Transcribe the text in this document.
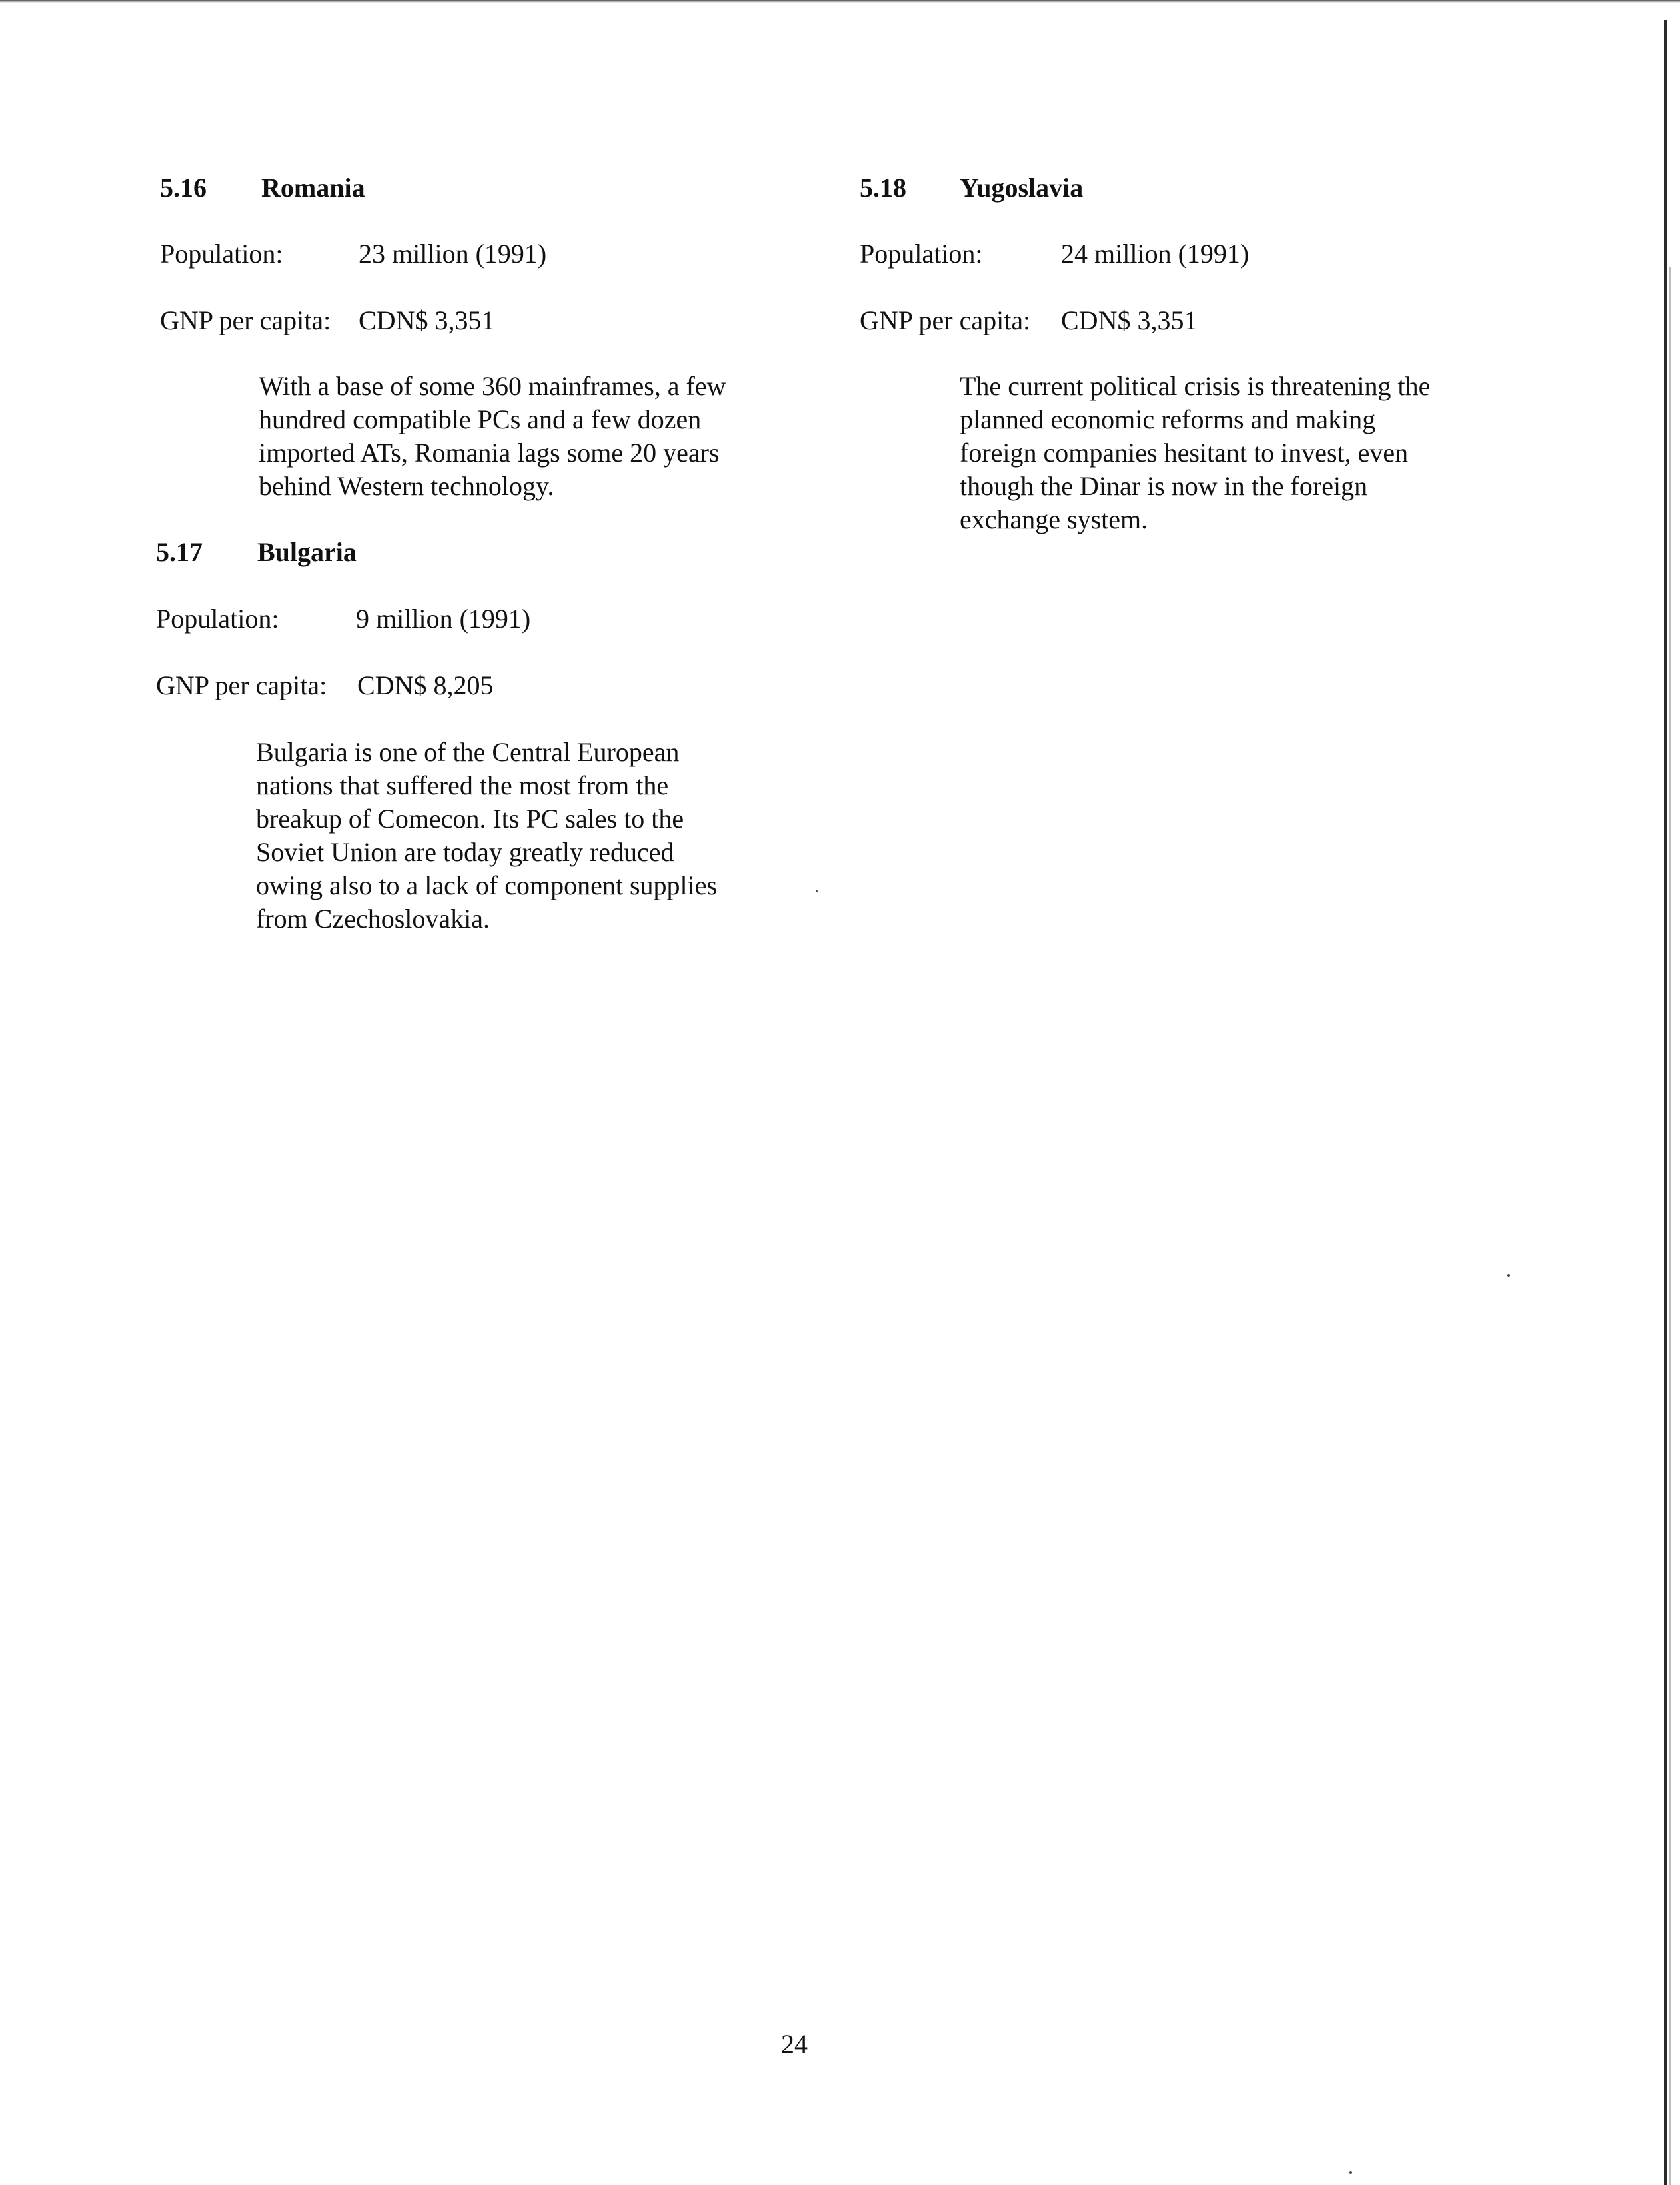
5.16 Romania
Population:	23 million (1991)
GNP per capita: CDN$ 3,351
With a base of some 360 mainframes, a few
hundred compatible PCs and a few dozen
imported ATs, Romania lags some 20 years
behind Western technology.
5.17 Bulgaria
Population:	9 million (1991)
GNP per capita: CDN$ 8,205
Bulgaria is one of the Central European
nations that suffered the most from the
breakup of Comecon. Its PC sales to the
Soviet Union are today greatly reduced
owing also to a lack of component supplies
from Czechoslovakia.
5.18 Yugoslavia
Population:	24 million (1991)
GNP per capita: CDN$ 3,351
The current political crisis is threatening the
planned economic reforms and making
foreign companies hesitant to invest, even
though the Dinar is now in the foreign
exchange system.
24
